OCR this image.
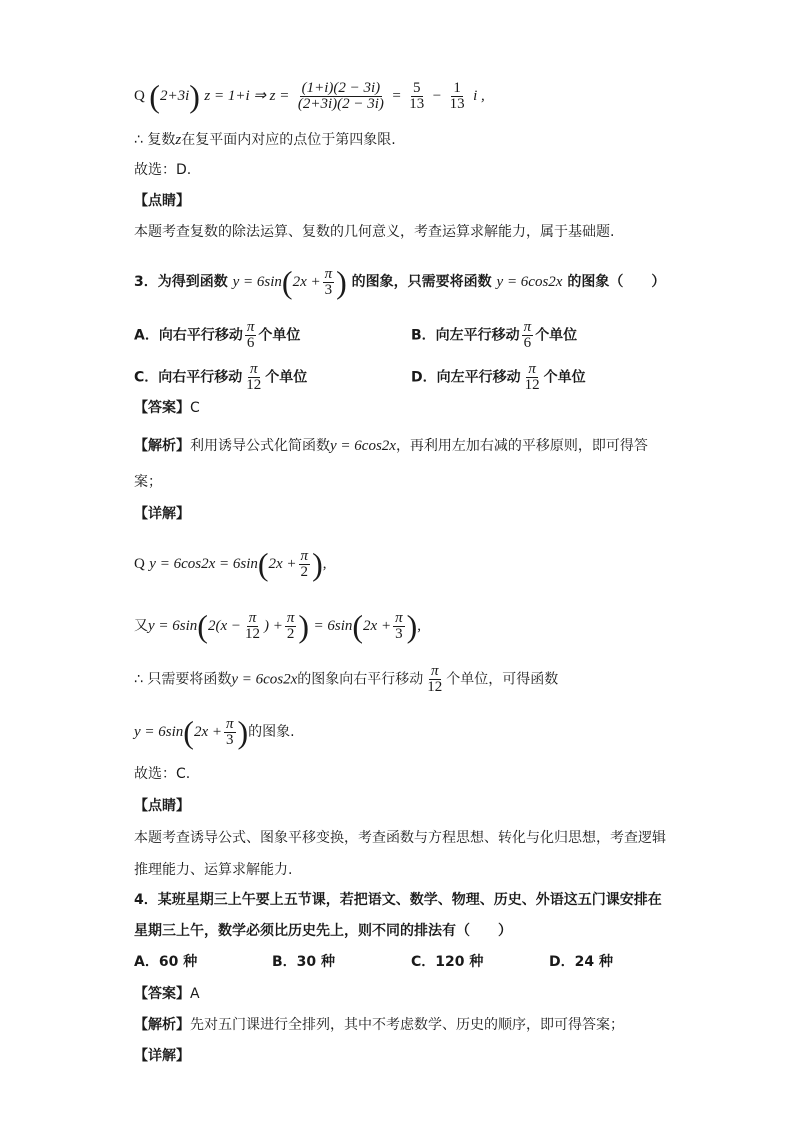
Q (2+3i) z = 1+i ⇒ $z = \frac{(1+i)(2 - 3i)}{(2+3i)(2 - 3i)} = \frac{5}{13} - \frac{1}{13}$ i ,
∴ 复数z在复平面内对应的点位于第四象限.
故选：D.
【点睛】
本题考查复数的除法运算、复数的几何意义，考查运算求解能力，属于基础题.
3．为得到函数 $y = 6\sin(2x + \frac{\pi}{3}$ ) 的图象，只需要将函数 y = 6cos2x 的图象（　　）
A．向右平行移动 $\frac{\pi}{6}$ 个单位	B．向左平行移动 $\frac{\pi}{6}$ 个单位
C．向右平行移动 $\frac{\pi}{12}$ 个单位	D．向左平行移动 $\frac{\pi}{12}$ 个单位
【答案】C
【解析】利用诱导公式化简函数y = 6cos2x，再利用左加右减的平移原则，即可得答
案；
【详解】
Q $y = 6\cos 2x = 6\sin(2x + \frac{\pi}{2}$ ),
又$y = 6\sin(2(x - \frac{\pi}{12}$ ) + $\frac{\pi}{2}$ ) = $6\sin(2x + \frac{\pi}{3}$ ),
∴ 只需要将函数y = 6cos2x的图象向右平行移动 $\frac{\pi}{12}$ 个单位，可得函数
$y = 6\sin(2x + \frac{\pi}{3}$ )的图象.
故选：C.
【点睛】
本题考查诱导公式、图象平移变换，考查函数与方程思想、转化与化归思想，考查逻辑
推理能力、运算求解能力.
4．某班星期三上午要上五节课，若把语文、数学、物理、历史、外语这五门课安排在
星期三上午，数学必须比历史先上，则不同的排法有（　　）
A．60 种	B．30 种	C．120 种	D．24 种
【答案】A
【解析】先对五门课进行全排列，其中不考虑数学、历史的顺序，即可得答案；
【详解】
